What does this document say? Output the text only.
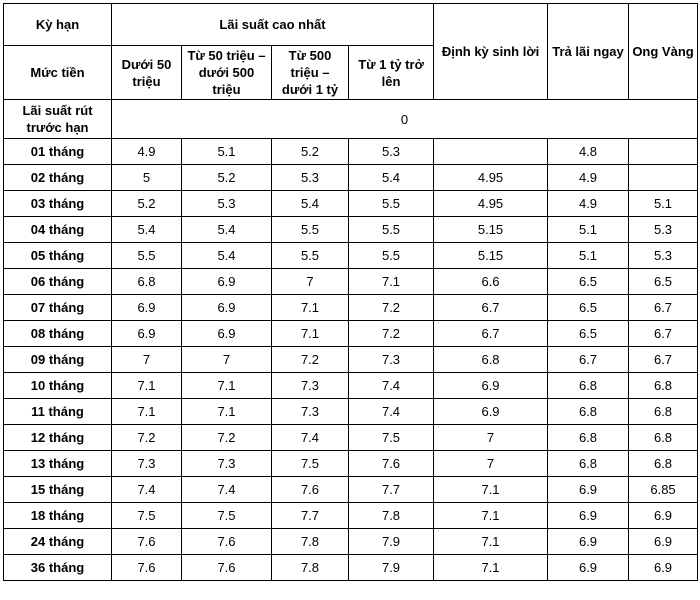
Kỳ hạn	Lãi suất cao nhất				Định kỳ sinh lời	Trả lãi ngay	Ong Vàng
Mức tiền	Dưới 50 triệu	Từ 50 triệu – dưới 500 triệu	Từ 500 triệu – dưới 1 tỷ	Từ 1 tỷ trở lên			
Lãi suất rút trước hạn	0						
01 tháng	4.9	5.1	5.2	5.3		4.8	
02 tháng	5	5.2	5.3	5.4	4.95	4.9	
03 tháng	5.2	5.3	5.4	5.5	4.95	4.9	5.1
04 tháng	5.4	5.4	5.5	5.5	5.15	5.1	5.3
05 tháng	5.5	5.4	5.5	5.5	5.15	5.1	5.3
06 tháng	6.8	6.9	7	7.1	6.6	6.5	6.5
07 tháng	6.9	6.9	7.1	7.2	6.7	6.5	6.7
08 tháng	6.9	6.9	7.1	7.2	6.7	6.5	6.7
09 tháng	7	7	7.2	7.3	6.8	6.7	6.7
10 tháng	7.1	7.1	7.3	7.4	6.9	6.8	6.8
11 tháng	7.1	7.1	7.3	7.4	6.9	6.8	6.8
12 tháng	7.2	7.2	7.4	7.5	7	6.8	6.8
13 tháng	7.3	7.3	7.5	7.6	7	6.8	6.8
15 tháng	7.4	7.4	7.6	7.7	7.1	6.9	6.85
18 tháng	7.5	7.5	7.7	7.8	7.1	6.9	6.9
24 tháng	7.6	7.6	7.8	7.9	7.1	6.9	6.9
36 tháng	7.6	7.6	7.8	7.9	7.1	6.9	6.9
